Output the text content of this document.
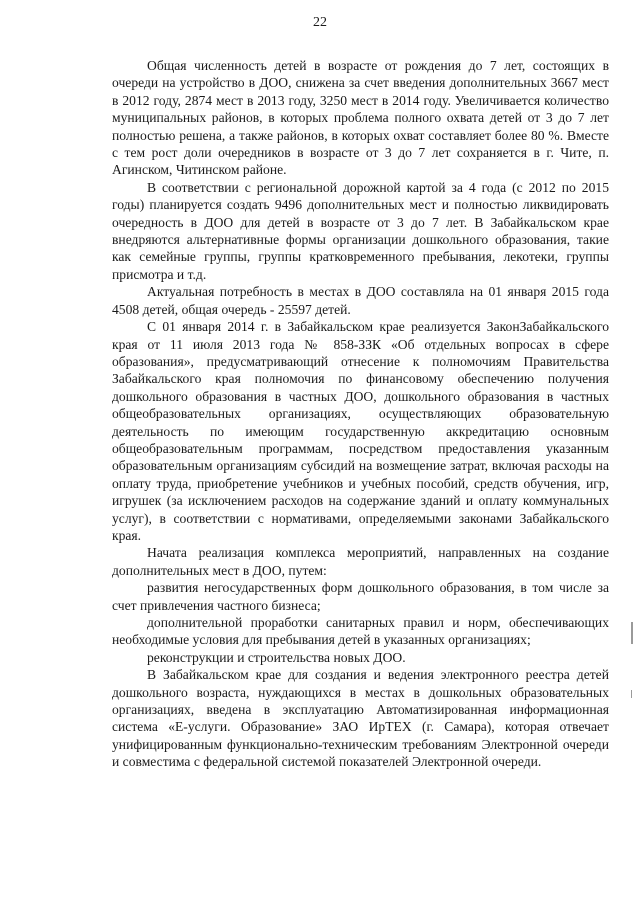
22

Общая численность детей в возрасте от рождения до 7 лет, состоящих в очереди на устройство в ДОО, снижена за счет введения дополнительных 3667 мест в 2012 году, 2874 мест в 2013 году, 3250 мест в 2014 году. Увеличивается количество муниципальных районов, в которых проблема полного охвата детей от 3 до 7 лет полностью решена, а также районов, в которых охват составляет более 80 %. Вместе с тем рост доли очередников в возрасте от 3 до 7 лет сохраняется в г. Чите, п. Агинском, Читинском районе.

В соответствии с региональной дорожной картой за 4 года (с 2012 по 2015 годы) планируется создать 9496 дополнительных мест и полностью ликвидировать очередность в ДОО для детей в возрасте от 3 до 7 лет. В Забайкальском крае внедряются альтернативные формы организации дошкольного образования, такие как семейные группы, группы кратковременного пребывания, лекотеки, группы присмотра и т.д.

Актуальная потребность в местах в ДОО составляла на 01 января 2015 года 4508 детей, общая очередь - 25597 детей.

С 01 января 2014 г. в Забайкальском крае реализуется ЗаконЗабайкальского края от 11 июля 2013 года № 858-ЗЗК «Об отдельных вопросах в сфере образования», предусматривающий отнесение к полномочиям Правительства Забайкальского края полномочия по финансовому обеспечению получения дошкольного образования в частных ДОО, дошкольного образования в частных общеобразовательных организациях, осуществляющих образовательную деятельность по имеющим государственную аккредитацию основным общеобразовательным программам, посредством предоставления указанным образовательным организациям субсидий на возмещение затрат, включая расходы на оплату труда, приобретение учебников и учебных пособий, средств обучения, игр, игрушек (за исключением расходов на содержание зданий и оплату коммунальных услуг), в соответствии с нормативами, определяемыми законами Забайкальского края.

Начата реализация комплекса мероприятий, направленных на создание дополнительных мест в ДОО, путем:

развития негосударственных форм дошкольного образования, в том числе за счет привлечения частного бизнеса;

дополнительной проработки санитарных правил и норм, обеспечивающих необходимые условия для пребывания детей в указанных организациях;

реконструкции и строительства новых ДОО.

В Забайкальском крае для создания и ведения электронного реестра детей дошкольного возраста, нуждающихся в местах в дошкольных образовательных организациях, введена в эксплуатацию Автоматизированная информационная система «Е-услуги. Образование» ЗАО ИрТЕХ (г. Самара), которая отвечает унифицированным функционально-техническим требованиям Электронной очереди и совместима с федеральной системой показателей Электронной очереди.
